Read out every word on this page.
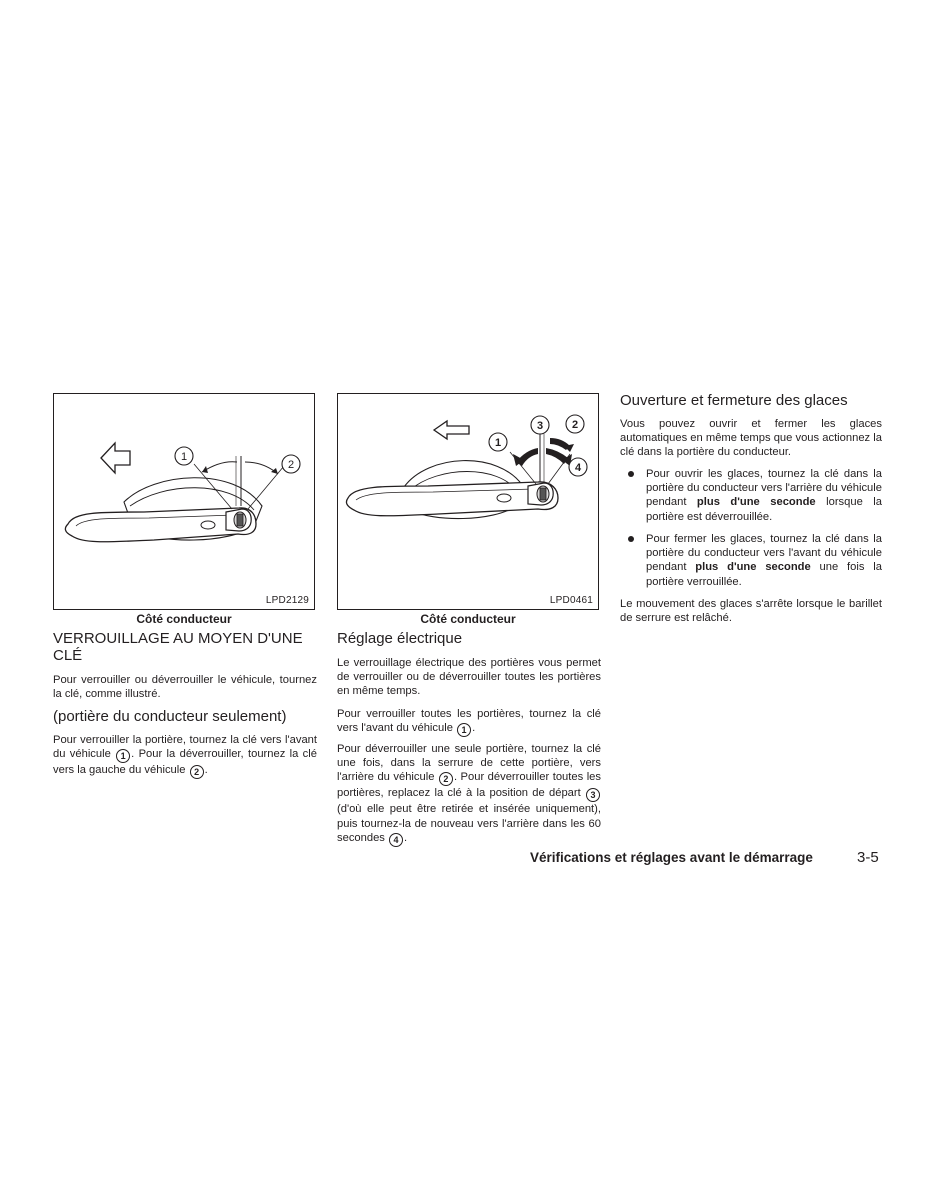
1
2
LPD2129
Côté conducteur
VERROUILLAGE AU MOYEN D'UNE CLÉ

Pour verrouiller ou déverrouiller le véhicule, tournez la clé, comme illustré.

(portière du conducteur seulement)

Pour verrouiller la portière, tournez la clé vers l'avant du véhicule 1 . Pour la déverrouiller, tournez la clé vers la gauche du véhicule 2 .

1
2
3
4
LPD0461
Côté conducteur
Réglage électrique

Le verrouillage électrique des portières vous permet de verrouiller ou de déverrouiller toutes les portières en même temps.

Pour verrouiller toutes les portières, tournez la clé vers l'avant du véhicule 1 .

Pour déverrouiller une seule portière, tournez la clé une fois, dans la serrure de cette portière, vers l'arrière du véhicule 2 . Pour déverrouiller toutes les portières, replacez la clé à la position de départ 3 (d'où elle peut être retirée et insérée uniquement), puis tournez-la de nouveau vers l'arrière dans les 60 secondes 4 .

Ouverture et fermeture des glaces

Vous pouvez ouvrir et fermer les glaces automatiques en même temps que vous actionnez la clé dans la portière du conducteur.

Pour ouvrir les glaces, tournez la clé dans la portière du conducteur vers l'arrière du véhicule pendant plus d'une seconde lorsque la portière est déverrouillée.

Pour fermer les glaces, tournez la clé dans la portière du conducteur vers l'avant du véhicule pendant plus d'une seconde une fois la portière verrouillée.

Le mouvement des glaces s'arrête lorsque le barillet de serrure est relâché.

Vérifications et réglages avant le démarrage	3-5
